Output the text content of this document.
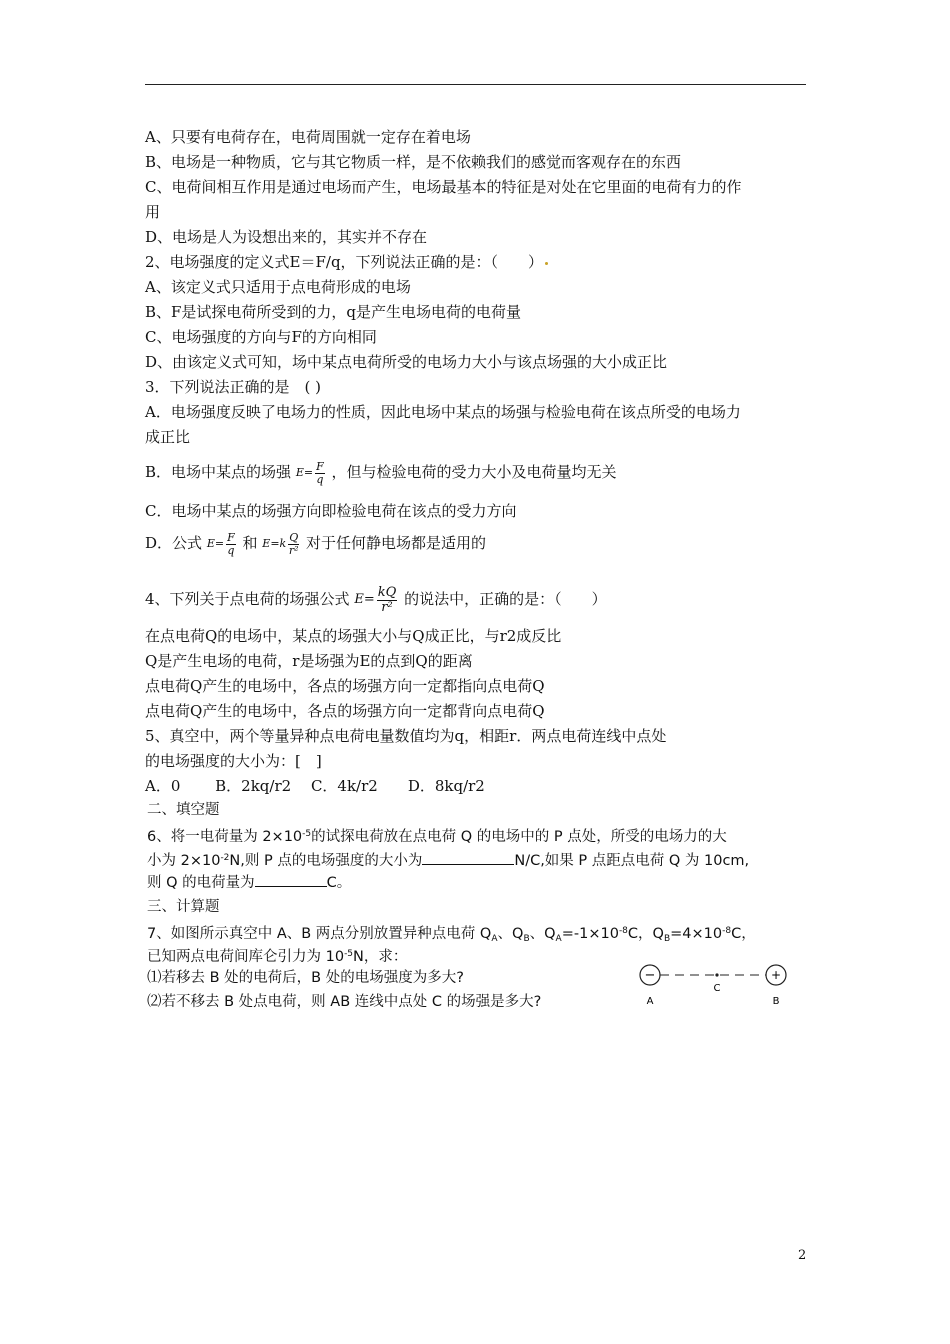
A、只要有电荷存在，电荷周围就一定存在着电场
B、电场是一种物质，它与其它物质一样，是不依赖我们的感觉而客观存在的东西
C、电荷间相互作用是通过电场而产生，电场最基本的特征是对处在它里面的电荷有力的作
用
D、电场是人为设想出来的，其实并不存在
2、电场强度的定义式E＝F/q，下列说法正确的是：（　　）
A、该定义式只适用于点电荷形成的电场
B、F是试探电荷所受到的力，q是产生电场电荷的电荷量
C、电场强度的方向与F的方向相同
D、由该定义式可知，场中某点电荷所受的电场力大小与该点场强的大小成正比
3．下列说法正确的是　( )
A．电场强度反映了电场力的性质，因此电场中某点的场强与检验电荷在该点所受的电场力
成正比
B．电场中某点的场强 $E= \frac{F}{q}$ ，但与检验电荷的受力大小及电荷量均无关
C．电场中某点的场强方向即检验电荷在该点的受力方向
D．公式 $E= \frac{F}{q}$ 和 $E=k \frac{Q}{\text{r²}}$ 对于任何静电场都是适用的
4、下列关于点电荷的场强公式 $E= \frac{kQ}{\text{r²}}$ 的说法中，正确的是：（　　）
在点电荷Q的电场中，某点的场强大小与Q成正比，与r2成反比
Q是产生电场的电荷，r是场强为E的点到Q的距离
点电荷Q产生的电场中，各点的场强方向一定都指向点电荷Q
点电荷Q产生的电场中，各点的场强方向一定都背向点电荷Q
5、真空中，两个等量异种点电荷电量数值均为q，相距r．两点电荷连线中点处
的电场强度的大小为：[　]
A．0　　 B．2kq/r2　 C．4k/r2　　D．8kq/r2
二、填空题
6、将一电荷量为 $2\times 10^{-5}$的试探电荷放在点电荷 Q 的电场中的 P 点处，所受的电场力的大
小为 $2\times 10^{-2}N$,则 P 点的电场强度的大小为	N/C,如果 P 点距点电荷 Q 为 10cm,
则 Q 的电荷量为	C。
三、计算题
7、如图所示真空中 A、B 两点分别放置异种点电荷 $Q_A$、$Q_B$、$Q_A=-1\times 10^{-8}C$，$Q_B=4\times 10^{-8}C$，
已知两点电荷间库仑引力为 $10^{-5}N$，求：
⑴若移去 B 处的电荷后，B 处的电场强度为多大?
⑵若不移去 B 处点电荷，则 AB 连线中点处 C 的场强是多大?
−	+
A
C
B
2
